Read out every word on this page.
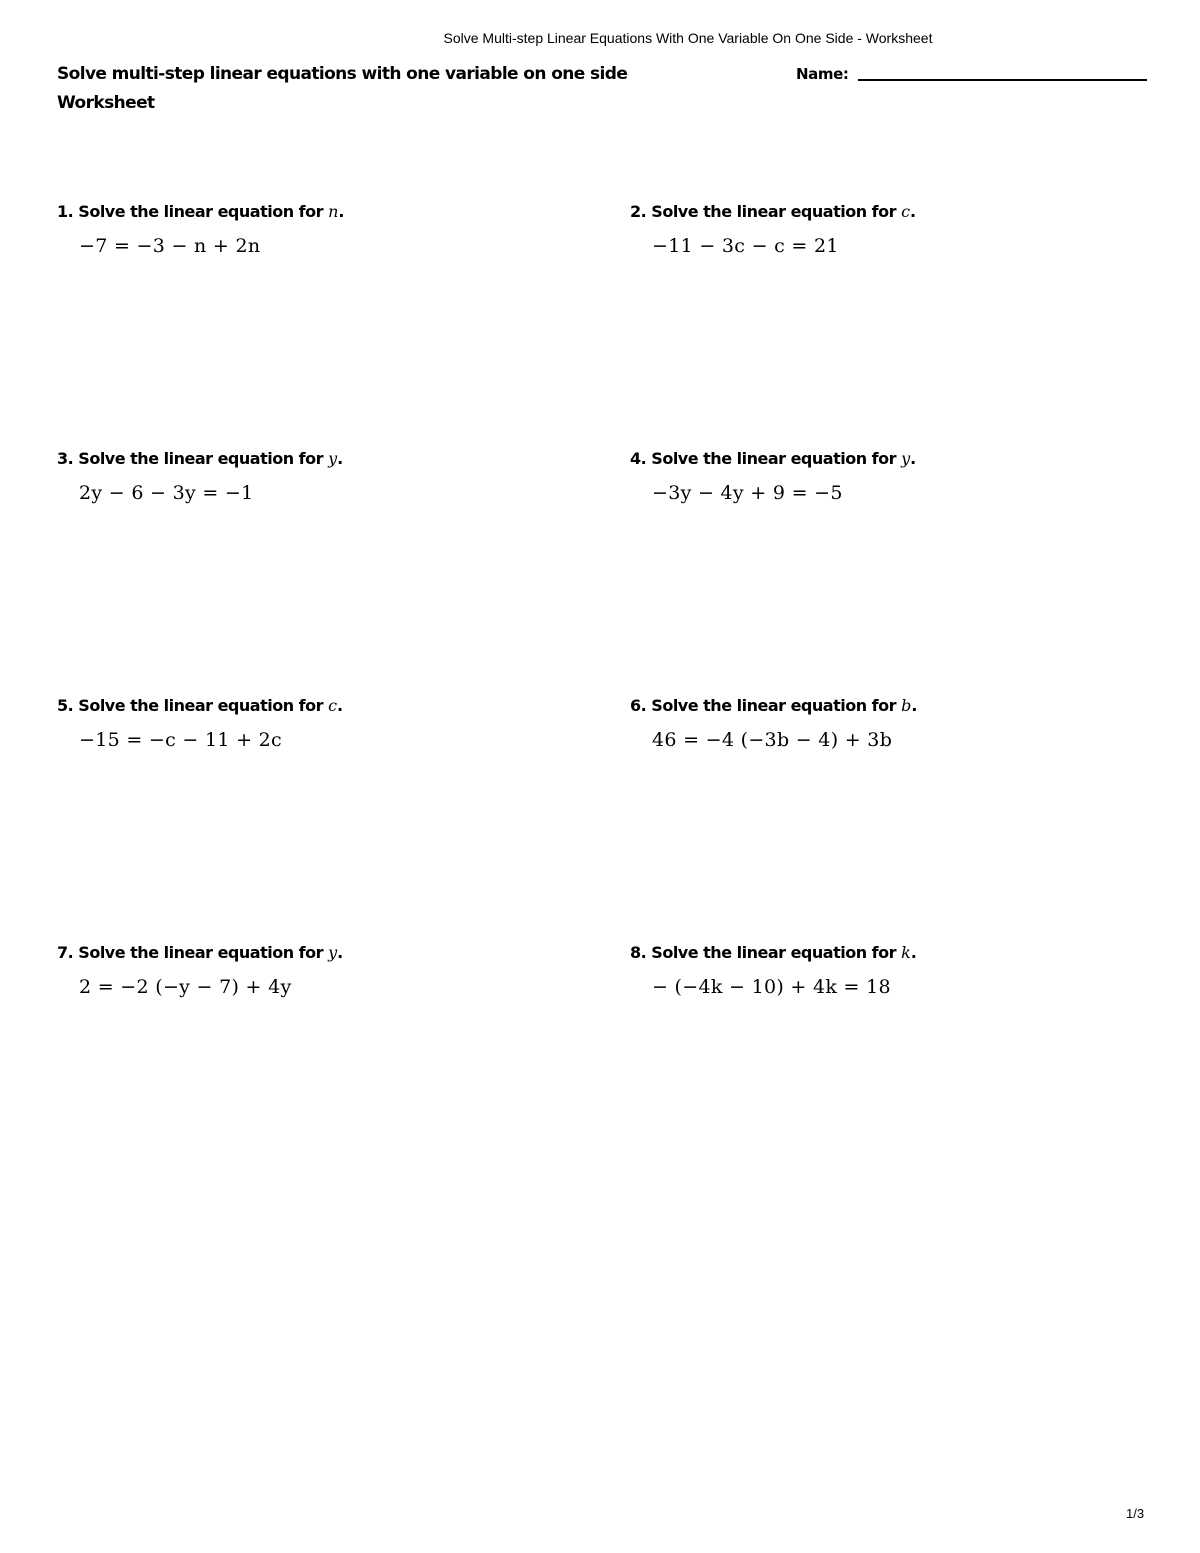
Solve Multi-step Linear Equations With One Variable On One Side - Worksheet
Solve multi-step linear equations with one variable on one side
Worksheet
Name:
1. Solve the linear equation for n.
−7 = −3 − n + 2n
2. Solve the linear equation for c.
−11 − 3c − c = 21
3. Solve the linear equation for y.
2y − 6 − 3y = −1
4. Solve the linear equation for y.
−3y − 4y + 9 = −5
5. Solve the linear equation for c.
−15 = −c − 11 + 2c
6. Solve the linear equation for b.
46 = −4 (−3b − 4) + 3b
7. Solve the linear equation for y.
2 = −2 (−y − 7) + 4y
8. Solve the linear equation for k.
− (−4k − 10) + 4k = 18
1/3
